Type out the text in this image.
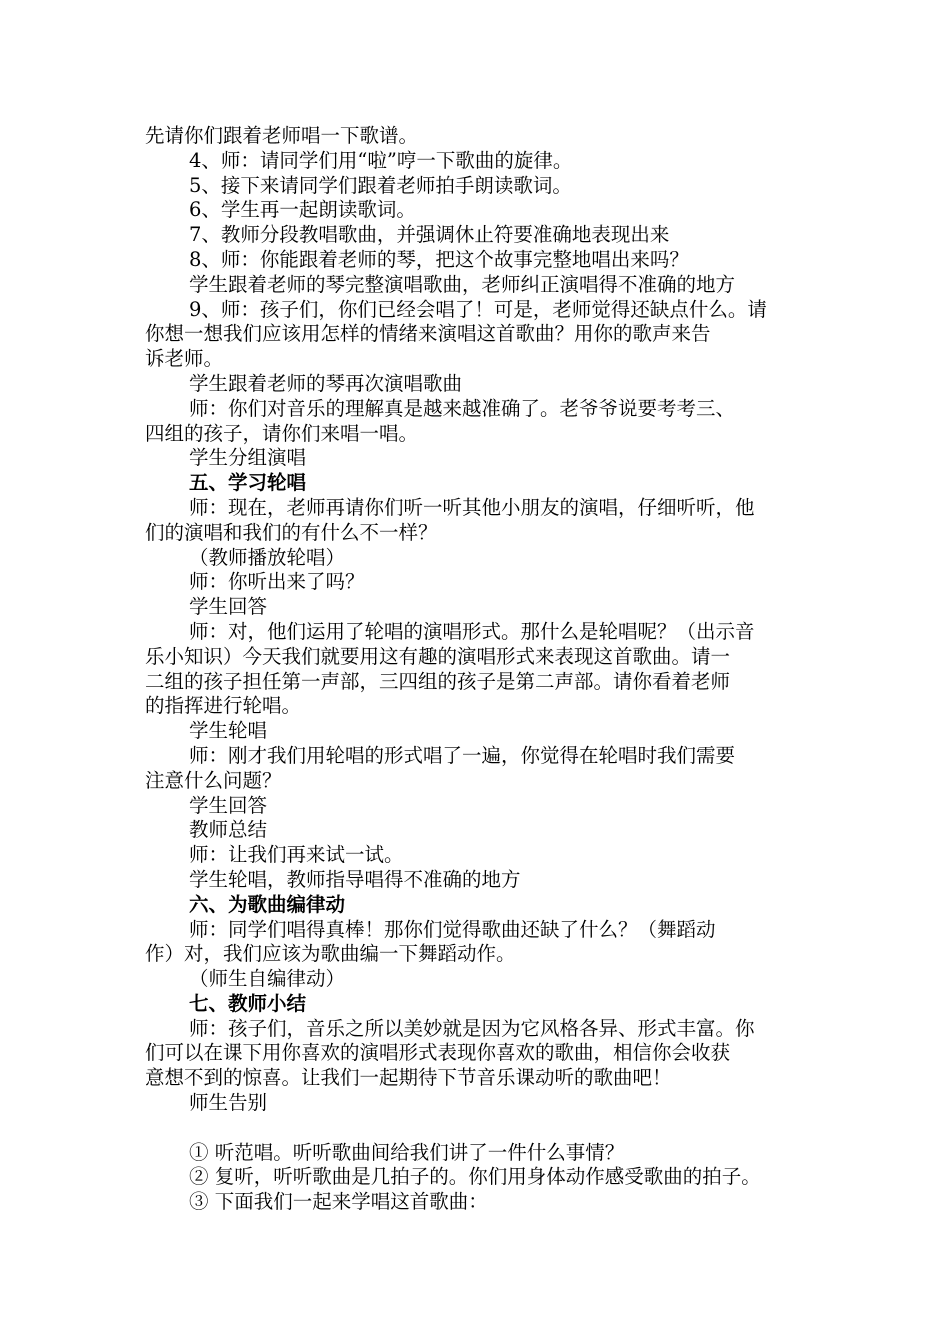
先请你们跟着老师唱一下歌谱。
4、师：请同学们用“啦”哼一下歌曲的旋律。
5、接下来请同学们跟着老师拍手朗读歌词。
6、学生再一起朗读歌词。
7、教师分段教唱歌曲，并强调休止符要准确地表现出来
8、师：你能跟着老师的琴，把这个故事完整地唱出来吗？
学生跟着老师的琴完整演唱歌曲，老师纠正演唱得不准确的地方
9、师：孩子们，你们已经会唱了！可是，老师觉得还缺点什么。请
你想一想我们应该用怎样的情绪来演唱这首歌曲？用你的歌声来告
诉老师。
学生跟着老师的琴再次演唱歌曲
师：你们对音乐的理解真是越来越准确了。老爷爷说要考考三、
四组的孩子，请你们来唱一唱。
学生分组演唱
五、学习轮唱
师：现在，老师再请你们听一听其他小朋友的演唱，仔细听听，他
们的演唱和我们的有什么不一样？
（教师播放轮唱）
师：你听出来了吗？
学生回答
师：对，他们运用了轮唱的演唱形式。那什么是轮唱呢？（出示音
乐小知识）今天我们就要用这有趣的演唱形式来表现这首歌曲。请一
二组的孩子担任第一声部，三四组的孩子是第二声部。请你看着老师
的指挥进行轮唱。
学生轮唱
师：刚才我们用轮唱的形式唱了一遍，你觉得在轮唱时我们需要
注意什么问题？
学生回答
教师总结
师：让我们再来试一试。
学生轮唱，教师指导唱得不准确的地方
六、为歌曲编律动
师：同学们唱得真棒！那你们觉得歌曲还缺了什么？（舞蹈动
作）对，我们应该为歌曲编一下舞蹈动作。
（师生自编律动）
七、教师小结
师：孩子们，音乐之所以美妙就是因为它风格各异、形式丰富。你
们可以在课下用你喜欢的演唱形式表现你喜欢的歌曲，相信你会收获
意想不到的惊喜。让我们一起期待下节音乐课动听的歌曲吧！
师生告别
① 听范唱。听听歌曲间给我们讲了一件什么事情？
② 复听，听听歌曲是几拍子的。你们用身体动作感受歌曲的拍子。
③ 下面我们一起来学唱这首歌曲：
